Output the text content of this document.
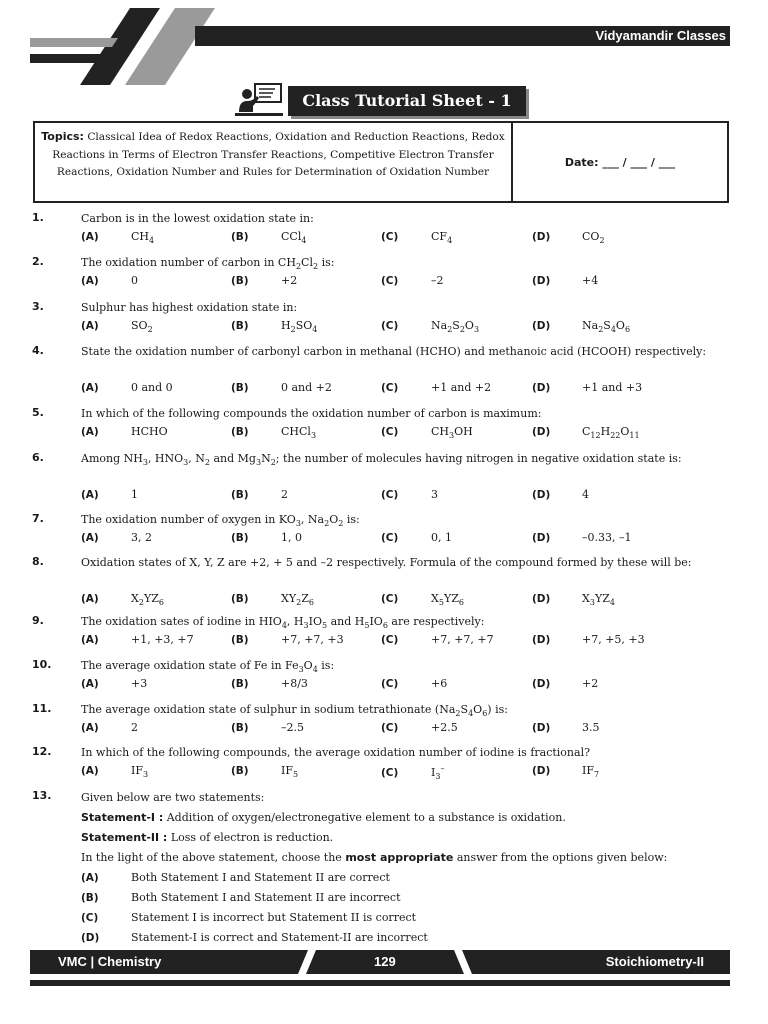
Vidyamandir Classes
Class Tutorial Sheet - 1
Topics: Classical Idea of Redox Reactions, Oxidation and Reduction Reactions, Redox Reactions in Terms of Electron Transfer Reactions, Competitive Electron Transfer Reactions, Oxidation Number and Rules for Determination of Oxidation Number
Date: ___ / ___ / ___
1.	Carbon is in the lowest oxidation state in:
(A)	$CH_4$	(B)	CCl$_4$	(C)	$CF_4$	(D)	$CO_2$
2.	The oxidation number of carbon in $CH_2Cl_2$ is:
(A)	0	(B)	+2	(C)	–2	(D)	+4
3.	Sulphur has highest oxidation state in:
(A)	$SO_2$	(B)	$H_2SO_4$	(C)	$Na_2S_2O_3$	(D)	$Na_2S_4O_6$
4.	State the oxidation number of carbonyl carbon in methanal (HCHO) and methanoic acid (HCOOH) respectively:
(A)	0 and 0	(B)	0 and +2	(C)	+1 and +2	(D)	+1 and +3
5.	In which of the following compounds the oxidation number of carbon is maximum:
(A)	HCHO	(B)	CHCl$_3$	(C)	$CH_3OH$	(D)	$C_{12}H_{22}O_{11}$
6.	Among $NH_3$, $HNO_3$, $N_2$ and $Mg_3N_2$; the number of molecules having nitrogen in negative oxidation state is:
(A)	1	(B)	2	(C)	3	(D)	4
7.	The oxidation number of oxygen in $KO_3$, $Na_2O_2$ is:
(A)	3, 2	(B)	1, 0	(C)	0, 1	(D)	–0.33, –1
8.	Oxidation states of X, Y, Z are +2, + 5 and –2 respectively. Formula of the compound formed by these will be:
(A)	$X_2YZ_6$	(B)	$XY_2Z_6$	(C)	$X_5YZ_6$	(D)	$X_3YZ_4$
9.	The oxidation sates of iodine in $HIO_4$, $H_3IO_5$ and $H_5IO_6$ are respectively:
(A)	+1, +3, +7	(B)	+7, +7, +3	(C)	+7, +7, +7	(D)	+7, +5, +3
10.	The average oxidation state of Fe in $Fe_3O_4$ is:
(A)	+3	(B)	+8/3	(C)	+6	(D)	+2
11.	The average oxidation state of sulphur in sodium tetrathionate $(Na_2S_4O_6)$ is:
(A)	2	(B)	–2.5	(C)	+2.5	(D)	3.5
12.	In which of the following compounds, the average oxidation number of iodine is fractional?
(A)	$IF_3$	(B)	$IF_5$	(C)	$I_3^-$	(D)	$IF_7$
13.	Given below are two statements:
Statement-I : Addition of oxygen/electronegative element to a substance is oxidation.
Statement-II : Loss of electron is reduction.
In the light of the above statement, choose the most appropriate answer from the options given below:
(A)	Both Statement I and Statement II are correct
(B)	Both Statement I and Statement II are incorrect
(C)	Statement I is incorrect but Statement II is correct
(D)	Statement-I is correct and Statement-II are incorrect
VMC | Chemistry	129	Stoichiometry-II
